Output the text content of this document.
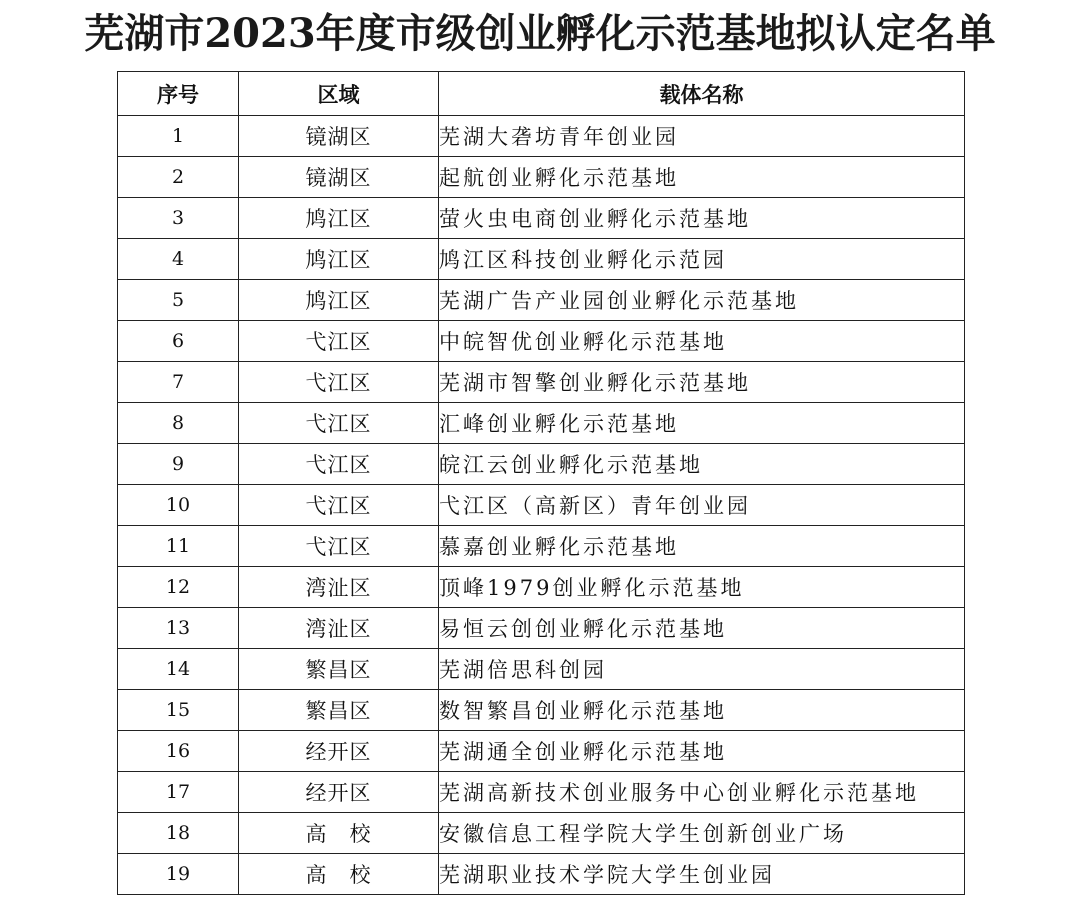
芜湖市2023年度市级创业孵化示范基地拟认定名单
序号	区域	载体名称
1	镜湖区	芜湖大砻坊青年创业园
2	镜湖区	起航创业孵化示范基地
3	鸠江区	萤火虫电商创业孵化示范基地
4	鸠江区	鸠江区科技创业孵化示范园
5	鸠江区	芜湖广告产业园创业孵化示范基地
6	弋江区	中皖智优创业孵化示范基地
7	弋江区	芜湖市智擎创业孵化示范基地
8	弋江区	汇峰创业孵化示范基地
9	弋江区	皖江云创业孵化示范基地
10	弋江区	弋江区（高新区）青年创业园
11	弋江区	慕嘉创业孵化示范基地
12	湾沚区	顶峰1979创业孵化示范基地
13	湾沚区	易恒云创创业孵化示范基地
14	繁昌区	芜湖倍思科创园
15	繁昌区	数智繁昌创业孵化示范基地
16	经开区	芜湖通全创业孵化示范基地
17	经开区	芜湖高新技术创业服务中心创业孵化示范基地
18	高　校	安徽信息工程学院大学生创新创业广场
19	高　校	芜湖职业技术学院大学生创业园
